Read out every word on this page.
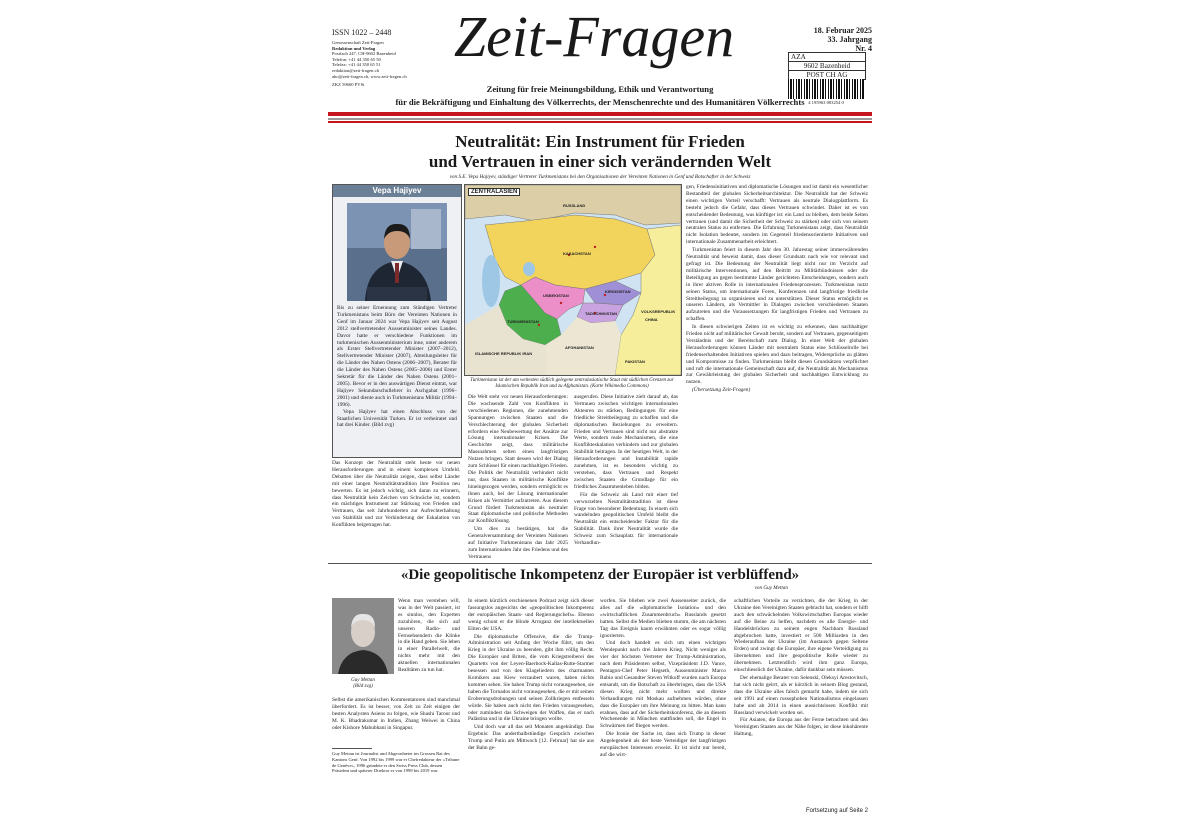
ISSN 1022 – 2448
Genossenschaft Zeit-Fragen
Redaktion und Verlag
Postfach 247, CH-9602 Bazenheid
Telefon: +41 44 350 65 50
Telefax: +41 44 350 65 51
redaktion@zeit-fragen.ch
abo@zeit-fragen.ch, www.zeit-fragen.ch
ZKZ 59600 PVSt
Zeit-Fragen	18. Februar 2025
33. Jahrgang
Nr. 4
AZA
9602 Bazenheid
POST CH AG
4 195963 003254 0
Zeitung für freie Meinungsbildung, Ethik und Verantwortung
für die Bekräftigung und Einhaltung des Völkerrechts, der Menschenrechte und des Humanitären Völkerrechts
Neutralität: Ein Instrument für Frieden
und Vertrauen in einer sich verändernden Welt
von S.E. Vepa Hajiyev, ständiger Vertreter Turkmenistans bei den Organisationen der Vereinten Nationen in Genf und Botschafter in der Schweiz
Vepa Hajiyev
Bis zu seiner Ernennung zum Ständigen Vertreter Turkmenistans beim Büro der Vereinten Nationen in Genf im Januar 2024 war Vepa Hajiyev seit August 2012 stellvertretender Aussenminister seines Landes. Davor hatte er verschiedene Funktionen im turkmenischen Aussenministerium inne, unter anderem als Erster Stellvertretender Minister (2007–2012), Stellvertretender Minister (2007), Abteilungsleiter für die Länder des Nahen Ostens (2006–2007), Berater für die Länder des Nahen Ostens (2005–2006) und Erster Sekretär für die Länder des Nahen Ostens (2001–2005). Bevor er in den auswärtigen Dienst eintrat, war Hajiyev Sekundarschullehrer in Aschgabat (1996–2001) und diente auch in Turkmenistans Militär (1994–1996).
Vepa Hajiyev hat einen Abschluss von der Staatlichen Universität Turken. Er ist verheiratet und hat drei Kinder. (Bild zvg)
ZENTRALASIEN
RUSSLAND
KASACHSTAN
USBEKISTAN
TURKMENISTAN
KIRGISISTAN
TADSCHIKISTAN
AFGHANISTAN
ISLAMISCHE REPUBLIK IRAN
PAKISTAN
CHINA
VOLKSREPUBLIK
Turkmenistan ist der am weitesten südlich gelegene zentralasiatische Staat mit südlichen Grenzen zur Islamischen Republik Iran und zu Afghanistan. (Karte Wikimedia Commons)

Das Konzept der Neutralität steht heute vor neuen Herausforderungen und in einem komplexen Umfeld. Debatten über die Neutralität zeigen, dass selbst Länder mit einer langen Neutralitätstradition ihre Position neu bewerten. Es ist jedoch wichtig, sich daran zu erinnern, dass Neutralität kein Zeichen von Schwäche ist, sondern ein mächtiges Instrument zur Stärkung von Frieden und Vertrauen, das seit Jahrhunderten zur Aufrechterhaltung von Stabilität und zur Verhinderung der Eskalation von Konflikten beigetragen hat.

Die Welt steht vor neuen Herausforderungen: Die wachsende Zahl von Konflikten in verschiedenen Regionen, die zunehmenden Spannungen zwischen Staaten und die Verschlechterung der globalen Sicherheit erfordern eine Neubewertung der Ansätze zur Lösung internationaler Krisen. Die Geschichte zeigt, dass militärische Massnahmen selten einen langfristigen Nutzen bringen. Statt dessen wird der Dialog zum Schlüssel für einen nachhaltigen Frieden. Die Politik der Neutralität verhindert nicht nur, dass Staaten in militärische Konflikte hineingezogen werden, sondern ermöglicht es ihnen auch, bei der Lösung internationaler Krisen als Vermittler aufzutreten. Aus diesem Grund fördert Turkmenistan als neutraler Staat diplomatische und politische Methoden zur Konfliktlösung.

Um dies zu bestätigen, hat die Generalversammlung der Vereinten Nationen auf Initiative Turkmenistans das Jahr 2025 zum Internationalen Jahr des Friedens und des Vertrauens

ausgerufen. Diese Initiative zielt darauf ab, das Vertrauen zwischen wichtigen internationalen Akteuren zu stärken, Bedingungen für eine friedliche Streitbeilegung zu schaffen und die diplomatischen Beziehungen zu erweitern. Frieden und Vertrauen sind nicht nur abstrakte Werte, sondern reale Mechanismen, die eine Konflikteskalation verhindern und zur globalen Stabilität beitragen. In der heutigen Welt, in der Herausforderungen und Instabilität rapide zunehmen, ist es besonders wichtig zu verstehen, dass Vertrauen und Respekt zwischen Staaten die Grundlage für ein friedliches Zusammenleben bilden.

Für die Schweiz als Land mit einer tief verwurzelten Neutralitätstradition ist diese Frage von besonderer Bedeutung. In einem sich wandelnden geopolitischen Umfeld bleibt die Neutralität ein entscheidender Faktor für die Stabilität. Dank ihrer Neutralität wurde die Schweiz zum Schauplatz für internationale Verhandlun-

gen, Friedensinitiativen und diplomatische Lösungen und ist damit ein wesentlicher Bestandteil der globalen Sicherheitsarchitektur. Die Neutralität hat der Schweiz einen wichtigen Vorteil verschafft: Vertrauen als neutrale Dialogplattform. Es besteht jedoch die Gefahr, dass dieses Vertrauen schwindet. Daher ist es von entscheidender Bedeutung, was künftiger ist: ein Land zu bleiben, dem beide Seiten vertrauen (und damit die Sicherheit der Schweiz zu stärken) oder sich von seinem neutralen Status zu entfernen. Die Erfahrung Turkmenistans zeigt, dass Neutralität nicht Isolation bedeutet, sondern im Gegenteil friedensorientierte Initiativen und internationale Zusammenarbeit erleichtert.

Turkmenistan feiert in diesem Jahr den 30. Jahrestag seiner immerwährenden Neutralität und beweist damit, dass dieser Grundsatz nach wie vor relevant und gefragt ist. Die Bedeutung der Neutralität liegt nicht nur im Verzicht auf militärische Interventionen, auf den Beitritt zu Militärbündnissen oder die Beteiligung an gegen bestimmte Länder gerichteten Entscheidungen, sondern auch in ihrer aktiven Rolle in internationalen Friedensprozessen. Turkmenistan nutzt seinen Status, um internationale Foren, Konferenzen und langfristige friedliche Streitbeilegung zu organisieren und zu unterstützen. Dieser Status ermöglicht es unseren Ländern, als Vermittler in Dialogen zwischen verschiedenen Staaten aufzutreten und die Voraussetzungen für langfristigen Frieden und Vertrauen zu schaffen.

In diesen schwierigen Zeiten ist es wichtig zu erkennen, dass nachhaltiger Frieden nicht auf militärischer Gewalt beruht, sondern auf Vertrauen, gegenseitigem Verständnis und der Bereitschaft zum Dialog. In einer Welt der globalen Herausforderungen können Länder mit neutralem Status eine Schlüsselrolle bei friedenserhaltenden Initiativen spielen und dazu beitragen, Widersprüche zu glätten und Kompromisse zu finden. Turkmenistan bleibt diesen Grundsätzen verpflichtet und ruft die internationale Gemeinschaft dazu auf, die Neutralität als Mechanismus zur Gewährleistung der globalen Sicherheit und nachhaltigen Entwicklung zu nutzen.

(Übersetzung Zeit-Fragen)

«Die geopolitische Inkompetenz der Europäer ist verblüffend»
von Guy Mettan
Guy Mettan
(Bild zvg)

Wenn man verstehen will, was in der Welt passiert, ist es sinnlos, den Experten zuzuhören, die sich auf unseren Radio- und Fernsehsendern die Klinke in die Hand geben. Sie leben in einer Parallelwelt, die nichts mehr mit den aktuellen internationalen Realitäten zu tun hat.

Selbst die amerikanischen Kommentatoren sind manchmal überfordert. Es ist besser, von Zeit zu Zeit einigen der besten Analysten Asiens zu folgen, wie Shashi Tarour und M. K. Bhadrakumar in Indien, Zhang Weiwei in China oder Kishore Mahubhani in Singapur.

Guy Mettan ist Journalist und Abgeordneter im Grossen Rat des Kantons Genf. Von 1992 bis 1999 war er Chefredakteur der «Tribune de Genève», 1996 gründete er den Swiss Press Club, dessen Präsident und späterer Direktor er von 1998 bis 2019 war.

In einem kürzlich erschienenen Podcast zeigt sich dieser fassungslos angesichts der «geopolitischen Inkompetenz der europäischen Staats- und Regierungschefs». Ebenso wenig schont er die blinde Arroganz der intellektuellen Eliten der USA.

Die diplomatische Offensive, die die Trump-Administration seit Anfang der Woche führt, um den Krieg in der Ukraine zu beenden, gibt ihm völlig Recht. Die Europäer und Briten, die vom Kriegstreiberei des Quartetts von der Leyen-Baerbock-Kallas-Rutte-Starmer besessen und von den Klageliedern des charmanten Komikers aus Kiew verzaubert waren, haben nichts kommen sehen. Sie haben Trump nicht vorausgesehen, sie haben die Tornados nicht vorausgesehen, die er mit seinen Eroberungsdrohungen und seinen Zollkriegen entfesseln würde. Sie haben auch nicht den Frieden vorausgesehen, oder zumindest das Schweigen der Waffen, das er nach Palästina und in die Ukraine bringen wollte.

Und doch war all das seit Monaten angekündigt. Das Ergebnis: Das anderthalbstündige Gespräch zwischen Trump und Putin am Mittwoch [12. Februar] hat sie aus der Bahn ge-

worfen. Sie blieben wie zwei Aussenseiter zurück, die alles auf die «diplomatische Isolation» und den «wirtschaftlichen Zusammenbruch» Russlands gesetzt hatten. Selbst die Medien blieben stumm, die am nächsten Tag das Ereignis kaum erwähnten oder es sogar völlig ignorierten.

Und doch handelt es sich um einen wichtigen Wendepunkt nach drei Jahren Krieg. Nicht weniger als vier der höchsten Vertreter der Trump-Administration, nach dem Präsidenten selbst, Vizepräsident J.D. Vance, Pentagon-Chef Peter Hegseth, Aussenminister Marco Rubio und Gesandter Steven Witkoff wurden nach Europa entsandt, um die Botschaft zu überbringen, dass die USA diesen Krieg nicht mehr wollten und direkte Verhandlungen mit Moskau aufnehmen würden, ohne dass die Europäer um ihre Meinung zu bitten. Man kann erahnen, dass auf der Sicherheitskonferenz, die an diesem Wochenende in München stattfinden soll, die Engel in Schwärmen tief fliegen werden.

Die Ironie der Sache ist, dass sich Trump in dieser Angelegenheit als der beste Verteidiger der langfristigen europäischen Interessen erweist. Er ist nicht nur bereit, auf die wirt-

schaftlichen Vorteile zu verzichten, die der Krieg in der Ukraine den Vereinigten Staaten gebracht hat, sondern er hilft auch den schwächelnden Volkswirtschaften Europas wieder auf die Beine zu helfen, nachdem es alle Energie- und Handelsbrücken zu seinem engen Nachbarn Russland abgebrochen hatte, investiert er 500 Milliarden in den Wiederaufbau der Ukraine (im Austausch gegen Seltene Erden) und zwingt die Europäer, ihre eigene Verteidigung zu übernehmen und ihre geopolitische Rolle wieder zu übernehmen. Letztendlich wird ihm ganz Europa, einschliesslich der Ukraine, dafür dankbar sein müssen.

Der ehemalige Berater von Selenski, Oleksyi Arestovitsch, hat sich nicht geirrt, als er kürzlich in seinem Blog gestand, dass die Ukraine alles falsch gemacht habe, indem sie sich seit 1991 auf einen russophoben Nationalismus eingelassen habe und ab 2014 in einen aussichtslosen Konflikt mit Russland verwickelt worden sei.

Für Asiaten, die Europa aus der Ferne betrachten und den Vereinigten Staaten aus der Nähe folgen, ist diese inkohärente Haltung,

Fortsetzung auf Seite 2
